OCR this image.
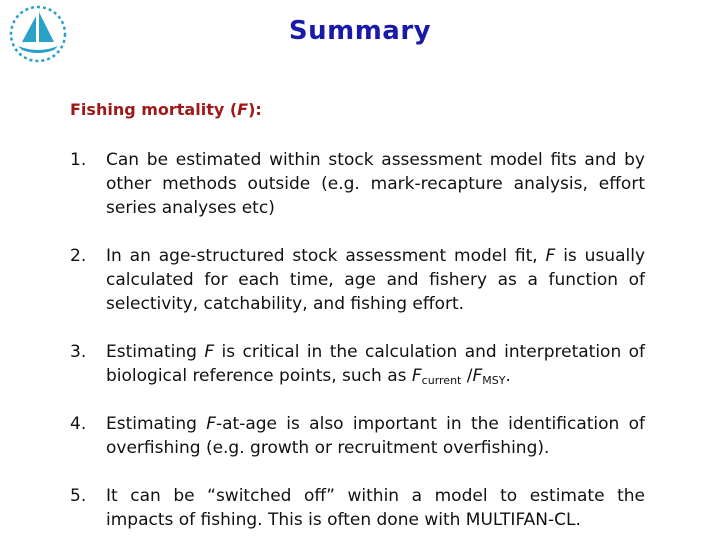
Summary
Fishing mortality (F):
1. Can be estimated within stock assessment model fits and by other methods outside (e.g. mark-recapture analysis, effort series analyses etc)
2. In an age-structured stock assessment model fit, F is usually calculated for each time, age and fishery as a function of selectivity, catchability, and fishing effort.
3. Estimating F is critical in the calculation and interpretation of biological reference points, such as $F_{current}$ $/F_{MSY}$.
4. Estimating F-at-age is also important in the identification of overfishing (e.g. growth or recruitment overfishing).
5. It can be “switched off” within a model to estimate the impacts of fishing. This is often done with MULTIFAN-CL.
